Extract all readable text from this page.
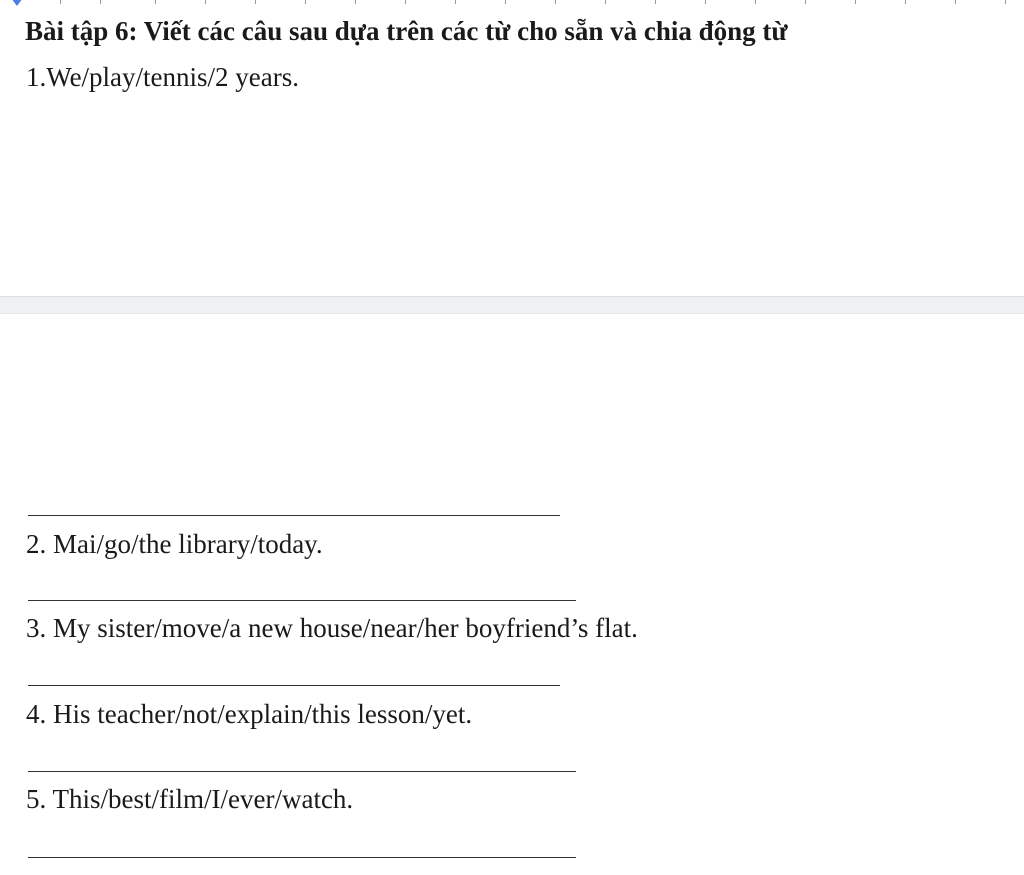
Bài tập 6: Viết các câu sau dựa trên các từ cho sẵn và chia động từ

1.We/play/tennis/2 years.

2. Mai/go/the library/today.

3. My sister/move/a new house/near/her boyfriend’s flat.

4. His teacher/not/explain/this lesson/yet.

5. This/best/film/I/ever/watch.
